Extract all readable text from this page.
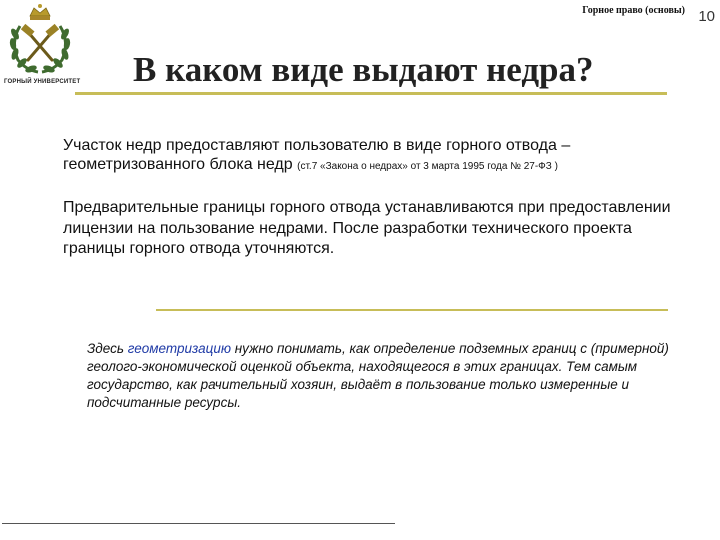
ГОРНЫЙ УНИВЕРСИТЕТ
Горное право (основы) 10
В каком виде выдают недра?
Участок недр предоставляют пользователю в виде горного отвода – геометризованного блока недр (ст.7 «Закона о недрах» от 3 марта 1995 года № 27-ФЗ )
Предварительные границы горного отвода устанавливаются при предоставлении лицензии на пользование недрами. После разработки технического проекта границы горного отвода уточняются.
Здесь геометризацию нужно понимать, как определение подземных границ с (примерной) геолого-экономической оценкой объекта, находящегося в этих границах. Тем самым государство, как рачительный хозяин, выдаёт в пользование только измеренные и подсчитанные ресурсы.
